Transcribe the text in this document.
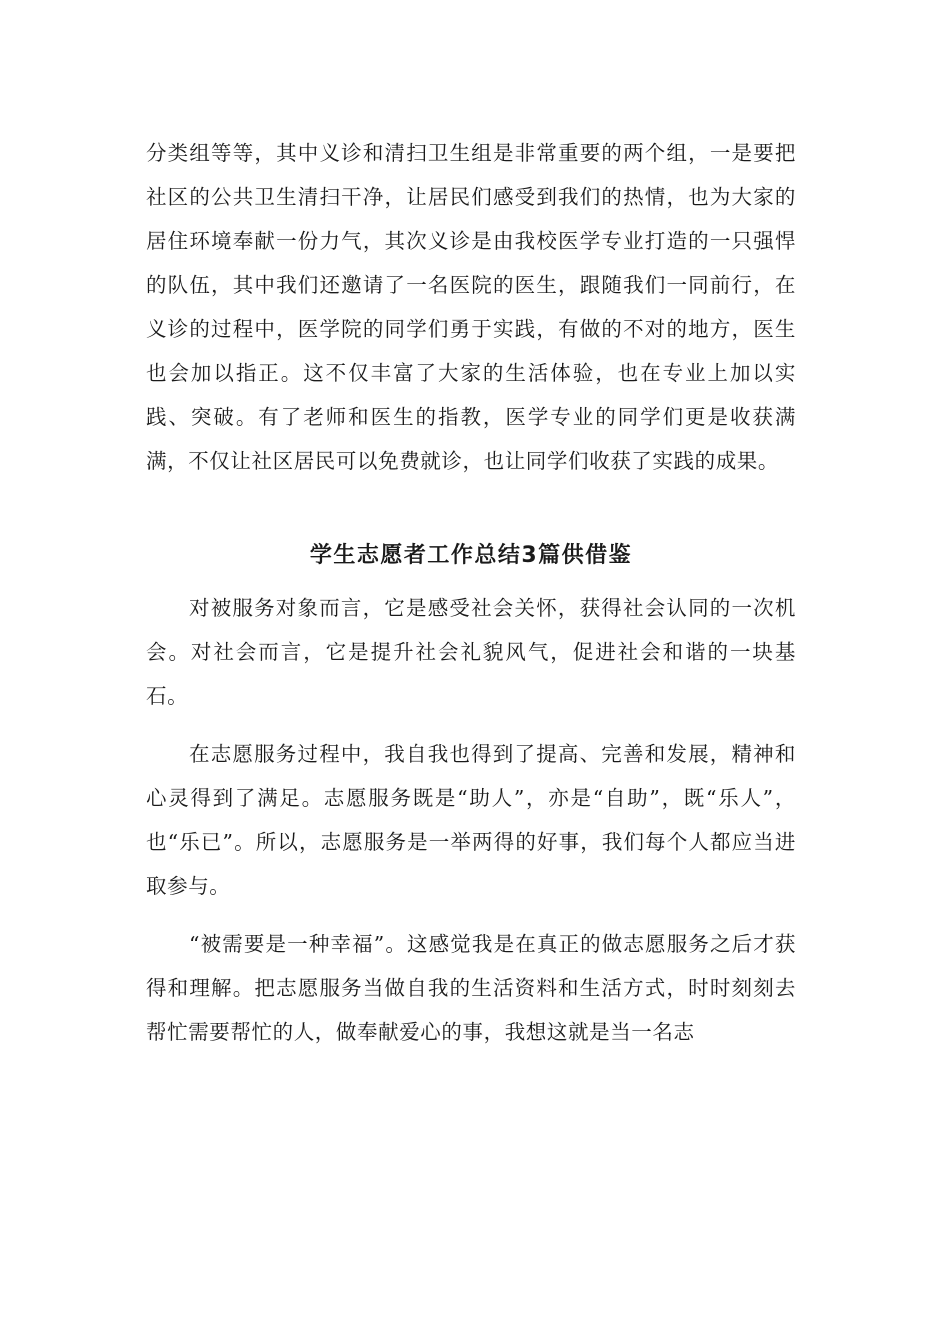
分类组等等，其中义诊和清扫卫生组是非常重要的两个组，一是要把社区的公共卫生清扫干净，让居民们感受到我们的热情，也为大家的居住环境奉献一份力气，其次义诊是由我校医学专业打造的一只强悍的队伍，其中我们还邀请了一名医院的医生，跟随我们一同前行，在义诊的过程中，医学院的同学们勇于实践，有做的不对的地方，医生也会加以指正。这不仅丰富了大家的生活体验，也在专业上加以实践、突破。有了老师和医生的指教，医学专业的同学们更是收获满满，不仅让社区居民可以免费就诊，也让同学们收获了实践的成果。

学生志愿者工作总结3篇供借鉴

对被服务对象而言，它是感受社会关怀，获得社会认同的一次机会。对社会而言，它是提升社会礼貌风气，促进社会和谐的一块基石。

在志愿服务过程中，我自我也得到了提高、完善和发展，精神和心灵得到了满足。志愿服务既是“助人”，亦是“自助”，既“乐人”，也“乐已”。所以，志愿服务是一举两得的好事，我们每个人都应当进取参与。

“被需要是一种幸福”。这感觉我是在真正的做志愿服务之后才获得和理解。把志愿服务当做自我的生活资料和生活方式，时时刻刻去帮忙需要帮忙的人，做奉献爱心的事，我想这就是当一名志
